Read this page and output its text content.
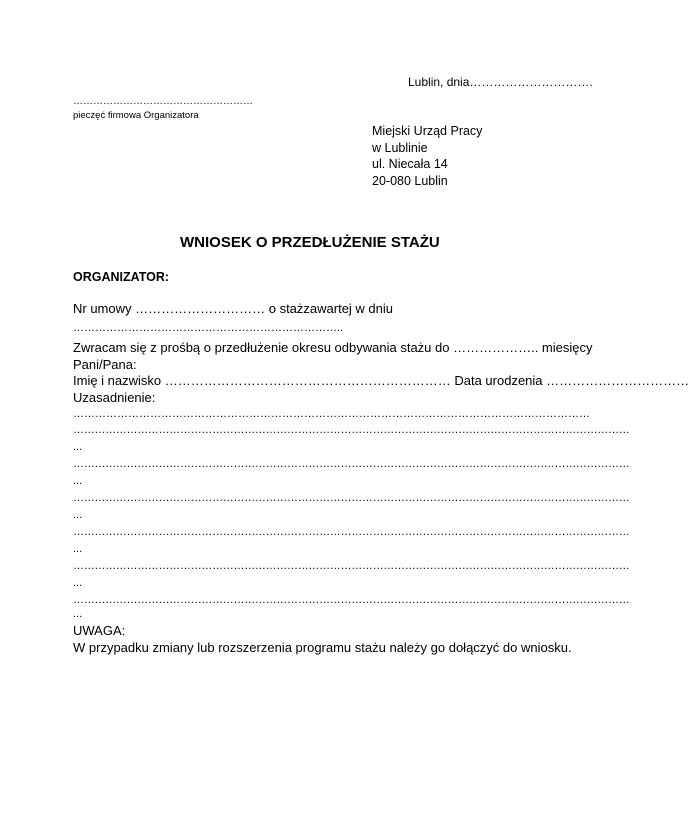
Lublin, dnia………………………….
………………………………………………
pieczęć firmowa Organizatora
Miejski Urząd Pracy
w Lublinie
ul. Niecała 14
20-080 Lublin
WNIOSEK O PRZEDŁUŻENIE STAŻU
ORGANIZATOR:
Nr umowy ………………………… o stażzawartej w dniu
………………………………………………………………..
Zwracam się z prośbą o przedłużenie okresu odbywania stażu do ……………….. miesięcy
Pani/Pana:
Imię i nazwisko ………………………………………………………… Data urodzenia ……………………………
Uzasadnienie:
……………………………………………………………………………………………………………………………
…………………………………………………………………………………………………………………………………………
...
…………………………………………………………………………………………………………………………………………
...
…………………………………………………………………………………………………………………………………………
...
…………………………………………………………………………………………………………………………………………
...
…………………………………………………………………………………………………………………………………………
...
…………………………………………………………………………………………………………………………………………
...
UWAGA:
W przypadku zmiany lub rozszerzenia programu stażu należy go dołączyć do wniosku.
